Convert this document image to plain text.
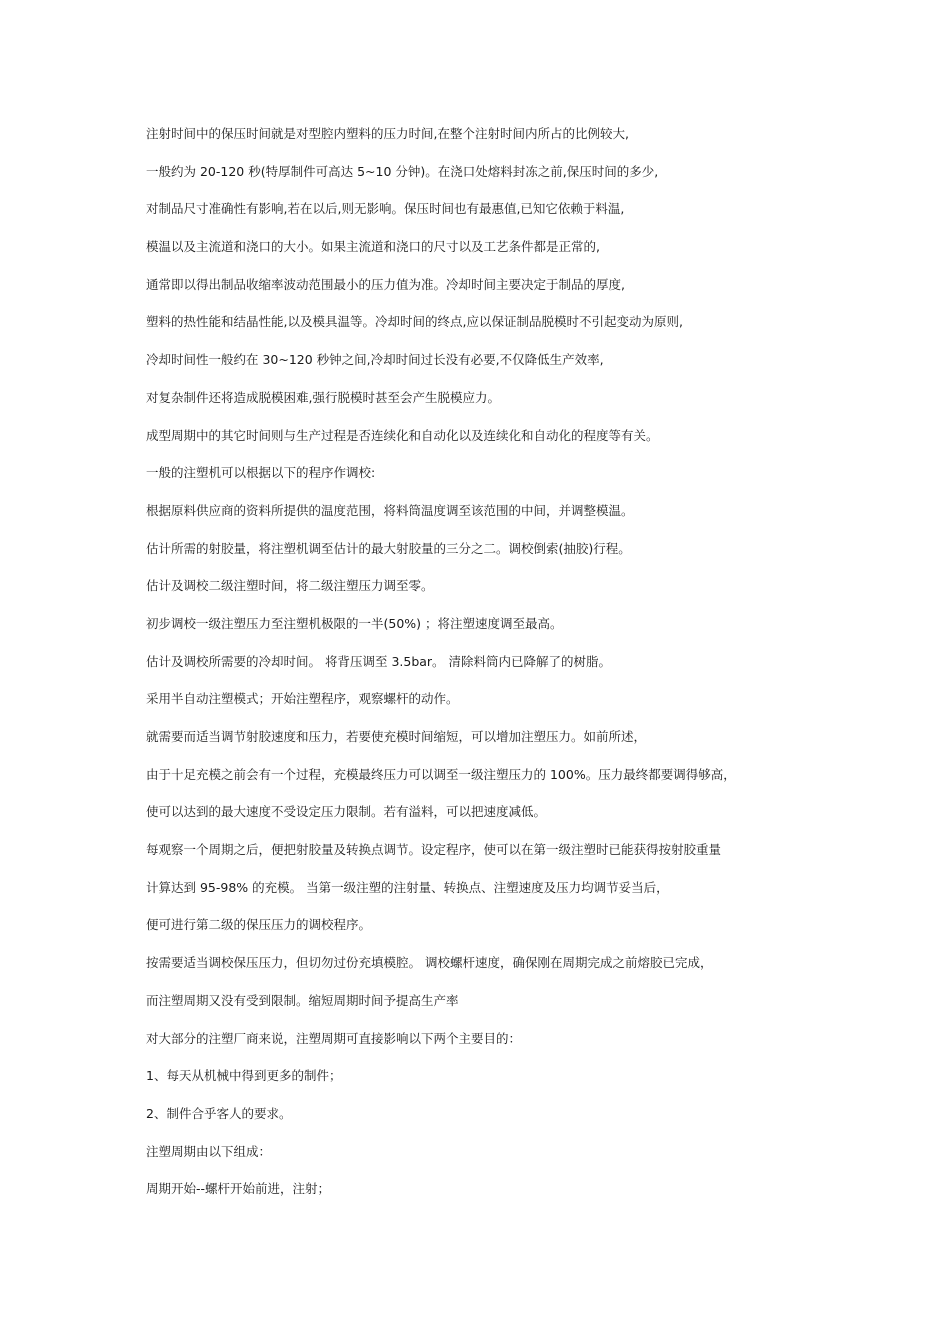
注射时间中的保压时间就是对型腔内塑料的压力时间,在整个注射时间内所占的比例较大,
一般约为 20-120 秒(特厚制件可高达 5~10 分钟)。在浇口处熔料封冻之前,保压时间的多少,
对制品尺寸准确性有影响,若在以后,则无影响。保压时间也有最惠值,已知它依赖于料温,
模温以及主流道和浇口的大小。如果主流道和浇口的尺寸以及工艺条件都是正常的,
通常即以得出制品收缩率波动范围最小的压力值为准。冷却时间主要决定于制品的厚度,
塑料的热性能和结晶性能,以及模具温等。冷却时间的终点,应以保证制品脱模时不引起变动为原则,
冷却时间性一般约在 30~120 秒钟之间,冷却时间过长没有必要,不仅降低生产效率,
对复杂制件还将造成脱模困难,强行脱模时甚至会产生脱模应力。
成型周期中的其它时间则与生产过程是否连续化和自动化以及连续化和自动化的程度等有关。
一般的注塑机可以根据以下的程序作调校:
根据原料供应商的资料所提供的温度范围，将料筒温度调至该范围的中间，并调整模温。
估计所需的射胶量，将注塑机调至估计的最大射胶量的三分之二。调校倒索(抽胶)行程。
估计及调校二级注塑时间，将二级注塑压力调至零。
初步调校一级注塑压力至注塑机极限的一半(50%) ；将注塑速度调至最高。
估计及调校所需要的冷却时间。 将背压调至 3.5bar。 清除料筒内已降解了的树脂。
采用半自动注塑模式；开始注塑程序，观察螺杆的动作。
就需要而适当调节射胶速度和压力，若要使充模时间缩短，可以增加注塑压力。如前所述，
由于十足充模之前会有一个过程，充模最终压力可以调至一级注塑压力的 100%。压力最终都要调得够高，
使可以达到的最大速度不受设定压力限制。若有溢料，可以把速度减低。
每观察一个周期之后，便把射胶量及转换点调节。设定程序，使可以在第一级注塑时已能获得按射胶重量
计算达到 95-98% 的充模。 当第一级注塑的注射量、转换点、注塑速度及压力均调节妥当后，
便可进行第二级的保压压力的调校程序。
按需要适当调校保压压力，但切勿过份充填模腔。 调校螺杆速度，确保刚在周期完成之前熔胶已完成，
而注塑周期又没有受到限制。缩短周期时间予提高生产率
对大部分的注塑厂商来说，注塑周期可直接影响以下两个主要目的：
1、每天从机械中得到更多的制件；
2、制件合乎客人的要求。
注塑周期由以下组成：
周期开始--螺杆开始前进，注射；
